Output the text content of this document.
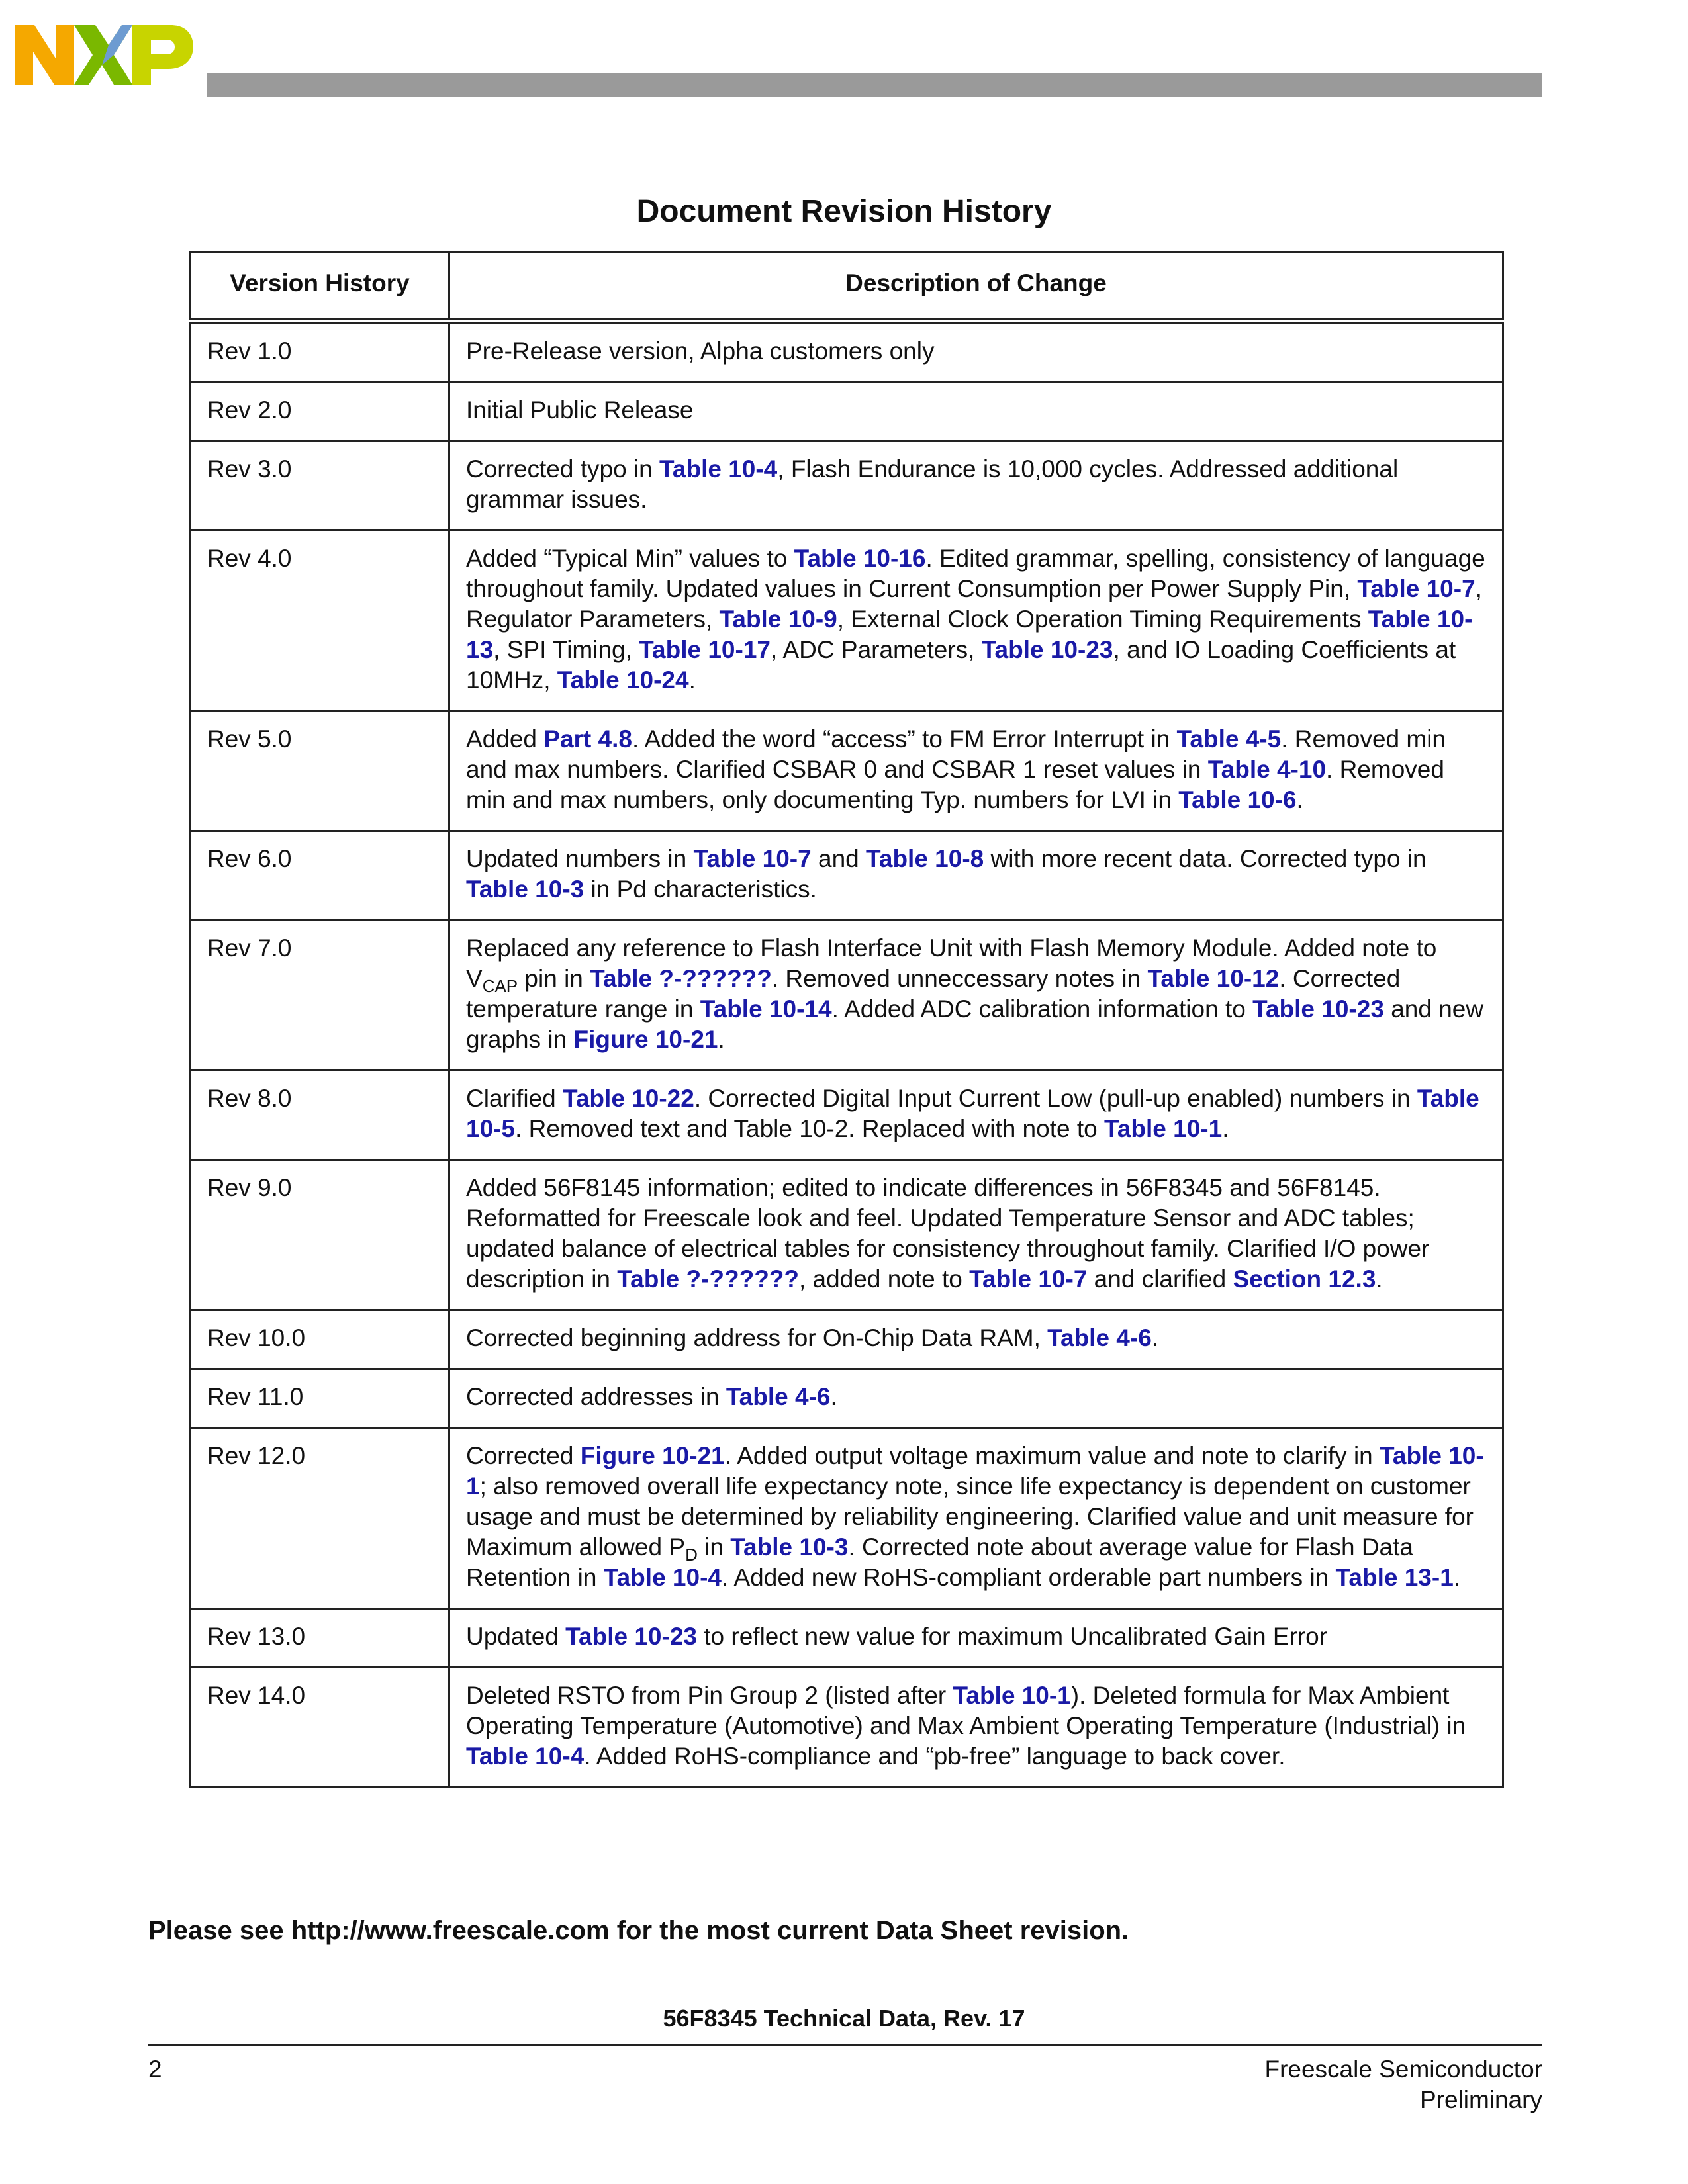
Document Revision History
Version History	Description of Change
Rev 1.0	Pre-Release version, Alpha customers only
Rev 2.0	Initial Public Release
Rev 3.0	Corrected typo in Table 10-4, Flash Endurance is 10,000 cycles. Addressed additional grammar issues.
Rev 4.0	Added “Typical Min” values to Table 10-16. Edited grammar, spelling, consistency of language throughout family. Updated values in Current Consumption per Power Supply Pin, Table 10-7, Regulator Parameters, Table 10-9, External Clock Operation Timing Requirements Table 10-13, SPI Timing, Table 10-17, ADC Parameters, Table 10-23, and IO Loading Coefficients at 10MHz, Table 10-24.
Rev 5.0	Added Part 4.8. Added the word “access” to FM Error Interrupt in Table 4-5. Removed min and max numbers. Clarified CSBAR 0 and CSBAR 1 reset values in Table 4-10. Removed min and max numbers, only documenting Typ. numbers for LVI in Table 10-6.
Rev 6.0	Updated numbers in Table 10-7 and Table 10-8 with more recent data. Corrected typo in Table 10-3 in Pd characteristics.
Rev 7.0	Replaced any reference to Flash Interface Unit with Flash Memory Module. Added note to $V_{CAP}$ pin in Table ?-??????. Removed unneccessary notes in Table 10-12. Corrected temperature range in Table 10-14. Added ADC calibration information to Table 10-23 and new graphs in Figure 10-21.
Rev 8.0	Clarified Table 10-22. Corrected Digital Input Current Low (pull-up enabled) numbers in Table 10-5. Removed text and Table 10-2. Replaced with note to Table 10-1.
Rev 9.0	Added 56F8145 information; edited to indicate differences in 56F8345 and 56F8145. Reformatted for Freescale look and feel. Updated Temperature Sensor and ADC tables; updated balance of electrical tables for consistency throughout family. Clarified I/O power description in Table ?-??????, added note to Table 10-7 and clarified Section 12.3.
Rev 10.0	Corrected beginning address for On-Chip Data RAM, Table 4-6.
Rev 11.0	Corrected addresses in Table 4-6.
Rev 12.0	Corrected Figure 10-21. Added output voltage maximum value and note to clarify in Table 10-1; also removed overall life expectancy note, since life expectancy is dependent on customer usage and must be determined by reliability engineering. Clarified value and unit measure for Maximum allowed $P_D$ in Table 10-3. Corrected note about average value for Flash Data Retention in Table 10-4. Added new RoHS-compliant orderable part numbers in Table 13-1.
Rev 13.0	Updated Table 10-23 to reflect new value for maximum Uncalibrated Gain Error
Rev 14.0	Deleted RSTO from Pin Group 2 (listed after Table 10-1). Deleted formula for Max Ambient Operating Temperature (Automotive) and Max Ambient Operating Temperature (Industrial) in Table 10-4. Added RoHS-compliance and “pb-free” language to back cover.
Please see http://www.freescale.com for the most current Data Sheet revision.
56F8345 Technical Data, Rev. 17
2	Freescale Semiconductor
Preliminary
